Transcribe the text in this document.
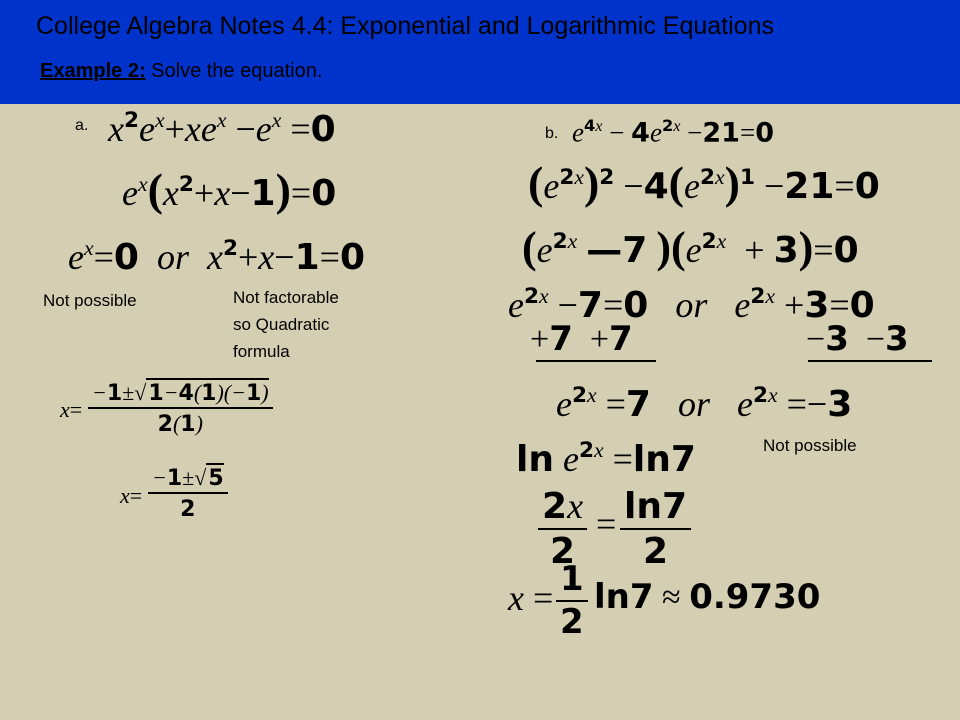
College Algebra Notes 4.4: Exponential and Logarithmic Equations
Example 2: Solve the equation.
a. $x^2e^x+xe^x -e^x =0$
$e^x(x^2+x-1)=0$
$e^x=0$  or  $x^2+x-1=0$
Not possible	Not factorable
so Quadratic
formula
$x= \frac{-1\pm√1-4(1)(-1)}{2(1)}$
$x= \frac{-1\pm√5}{2}$
b. $e^{4x} - 4e^{2x} -21=0$
$(e^{2x})^2 -4(e^{2x})^1 -21=0$
($e^{2x}$ —7 )$(e^{2x} + 3)=0$
$e^{2x} -7=0$   or   $e^{2x} +3=0$
+7 +7	−3 −3
$e^{2x} =7$   or   $e^{2x} =-3$
Not possible
$\ln e^{2x} =\ln 7$
$\frac{2x}{2} = \frac{\ln 7}{2}$
$x = \frac{1}{2} \ln 7 \approx 0.9730$
